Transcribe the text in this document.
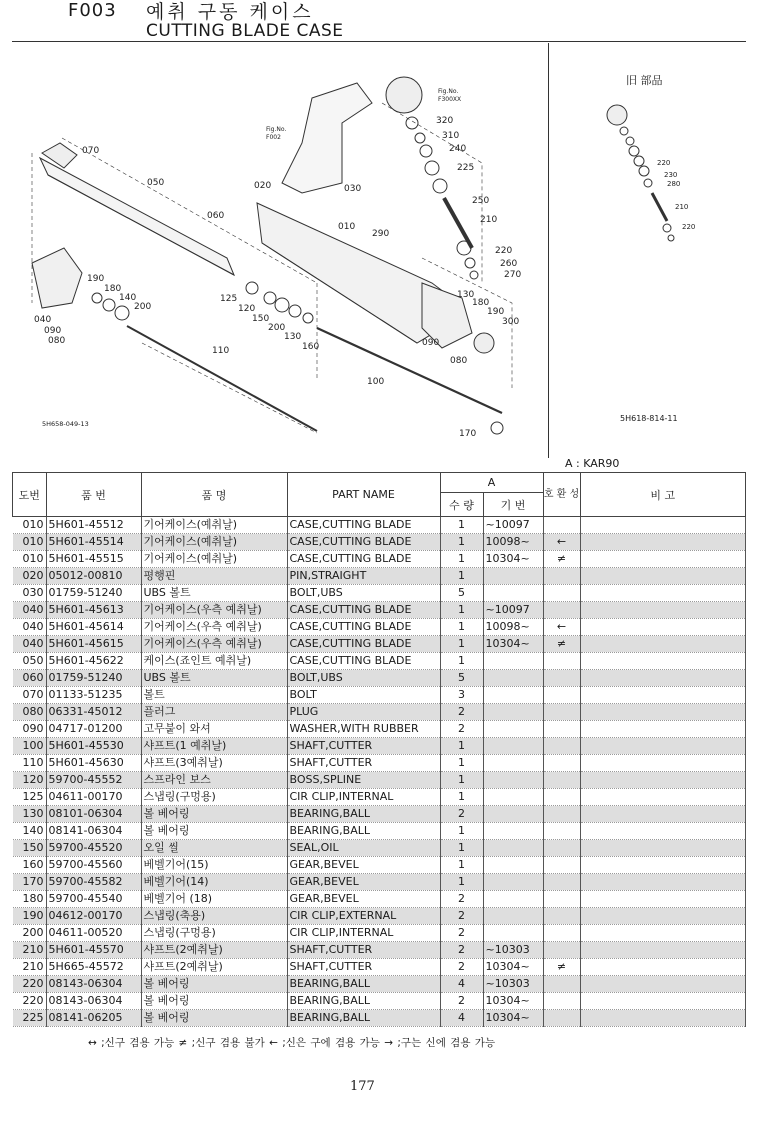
F003 예취 구동 케이스
CUTTING BLADE CASE
旧 部品
070
050
060
020	030
010
290
320
310
240
225
250
210
220
260
270
130
180
190
300
090
080
170
100
110
040
090
080
190
180
140
200
125
120
150
200
130
160
Fig.No.
F002
Fig.No.
F300XX
220
230
280
210
220
5H658-049-13
5H618-814-11
A : KAR90
도번	품 번	품 명	PART NAME	A		호 환 성	비 고
				수 량	기 번		
010	5H601-45512	기어케이스(예취날)	CASE,CUTTING BLADE	1	~10097		
010	5H601-45514	기어케이스(예취날)	CASE,CUTTING BLADE	1	10098~	←	
010	5H601-45515	기어케이스(예취날)	CASE,CUTTING BLADE	1	10304~	≠	
020	05012-00810	평행핀	PIN,STRAIGHT	1			
030	01759-51240	UBS 볼트	BOLT,UBS	5			
040	5H601-45613	기어케이스(우측 예취날)	CASE,CUTTING BLADE	1	~10097		
040	5H601-45614	기어케이스(우측 예취날)	CASE,CUTTING BLADE	1	10098~	←	
040	5H601-45615	기어케이스(우측 예취날)	CASE,CUTTING BLADE	1	10304~	≠	
050	5H601-45622	케이스(죠인트 예취날)	CASE,CUTTING BLADE	1			
060	01759-51240	UBS 볼트	BOLT,UBS	5			
070	01133-51235	볼트	BOLT	3			
080	06331-45012	플러그	PLUG	2			
090	04717-01200	고무붙이 와셔	WASHER,WITH RUBBER	2			
100	5H601-45530	샤프트(1 예취날)	SHAFT,CUTTER	1			
110	5H601-45630	샤프트(3예취날)	SHAFT,CUTTER	1			
120	59700-45552	스프라인 보스	BOSS,SPLINE	1			
125	04611-00170	스냅링(구멍용)	CIR CLIP,INTERNAL	1			
130	08101-06304	볼 베어링	BEARING,BALL	2			
140	08141-06304	볼 베어링	BEARING,BALL	1			
150	59700-45520	오일 씰	SEAL,OIL	1			
160	59700-45560	베벨기어(15)	GEAR,BEVEL	1			
170	59700-45582	베벨기어(14)	GEAR,BEVEL	1			
180	59700-45540	베벨기어 (18)	GEAR,BEVEL	2			
190	04612-00170	스냅링(축용)	CIR CLIP,EXTERNAL	2			
200	04611-00520	스냅링(구멍용)	CIR CLIP,INTERNAL	2			
210	5H601-45570	샤프트(2예취날)	SHAFT,CUTTER	2	~10303		
210	5H665-45572	샤프트(2예취날)	SHAFT,CUTTER	2	10304~	≠	
220	08143-06304	볼 베어링	BEARING,BALL	4	~10303		
220	08143-06304	볼 베어링	BEARING,BALL	2	10304~		
225	08141-06205	볼 베어링	BEARING,BALL	4	10304~		
↔ ;신구 겸용 가능 ≠ ;신구 겸용 불가 ← ;신은 구에 겸용 가능 → ;구는 신에 겸용 가능
177
